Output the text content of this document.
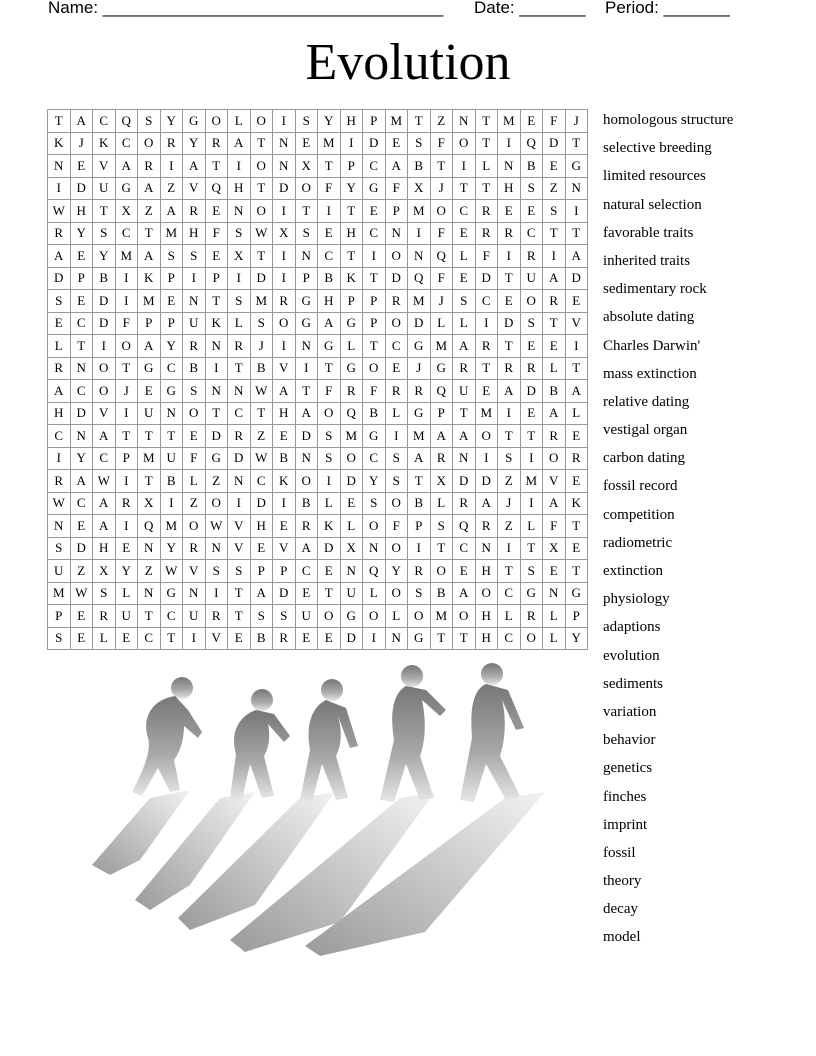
Name: ____________________________________ Date: _______ Period: _______
Evolution
T	A	C	Q	S	Y	G	O	L	O	I	S	Y	H	P	M T	Z	N	T M E	F	J
K	J	K	C	O	R	Y	R	A	T	N	E M	I	D	E	S	F	O	T	I	Q	D	T
N	E	V	A	R	I	A	T	I	O	N	X	T	P	C	A	B	T	I	L	N	B	E	G
I	D	U	G	A	Z	V	Q	H	T	D	O	F	Y	G	F	X	J	T	T	H	S	Z	N
W H	T	X	Z	A	R	E	N	O	I	T	I	T	E	P	M O	C	R	E	E	S	I
R	Y	S	C	T M H	F	S W X	S	E	H	C	N	I	F	E	R	R	C	T	T
A	E	Y M A	S	S	E	X	T	I	N	C	T	I	O	N	Q	L	F	I	R	I	A
D	P	B	I	K	P	I	P	I	D	I	P	B	K	T	D	Q	F	E	D	T	U	A	D
S	E	D	I	M E	N	T	S	M R	G	H	P	P	R M	J	S	C	E	O	R	E
E	C	D	F	P	P	U	K	L	S	O	G	A	G	P	O	D	L	L	I	D	S	T	V
L	T	I	O	A	Y	R	N	R	J	I	N	G	L	T	C	G M A	R	T	E	E	I
R	N	O	T	G	C	B	I	T	B	V	I	T	G	O	E	J	G	R	T	R	R	L	T
A	C	O	J	E	G	S	N	N W A	T	F	R	F	R	R	Q	U	E	A	D	B	A
H	D	V	I	U	N	O	T	C	T	H	A	O	Q	B	L	G	P	T M	I	E	A	L
C	N	A	T	T	T	E	D	R	Z	E	D	S	M G	I	M A	A	O	T	T	R	E
I	Y	C	P	M U	F	G	D W B	N	S	O	C	S	A	R	N	I	S	I	O	R
R	A W	I	T	B	L	Z	N	C	K	O	I	D	Y	S	T	X	D	D	Z M V	E
W C	A	R	X	I	Z	O	I	D	I	B	L	E	S	O	B	L	R	A	J	I	A	K
N	E	A	I	Q M O W V	H	E	R	K	L	O	F	P	S	Q	R	Z	L	F	T
S	D	H	E	N	Y	R	N	V	E	V	A	D	X	N	O	I	T	C	N	I	T	X	E
U	Z	X	Y	Z W V	S	S	P	P	C	E	N	Q	Y	R	O	E	H	T	S	E	T
M W S	L	N	G	N	I	T	A	D	E	T	U	L	O	S	B	A	O	C	G	N	G
P	E	R	U	T	C	U	R	T	S	S	U	O	G	O	L	O M O	H	L	R	L	P
S	E	L	E	C	T	I	V	E	B	R	E	E	D	I	N	G	T	T	H	C	O	L	Y
homologous structure
selective breeding
limited resources
natural selection
favorable traits
inherited traits
sedimentary rock
absolute dating
Charles Darwin'
mass extinction
relative dating
vestigal organ
carbon dating
fossil record
competition
radiometric
extinction
physiology
adaptions
evolution
sediments
variation
behavior
genetics
finches
imprint
fossil
theory
decay
model
